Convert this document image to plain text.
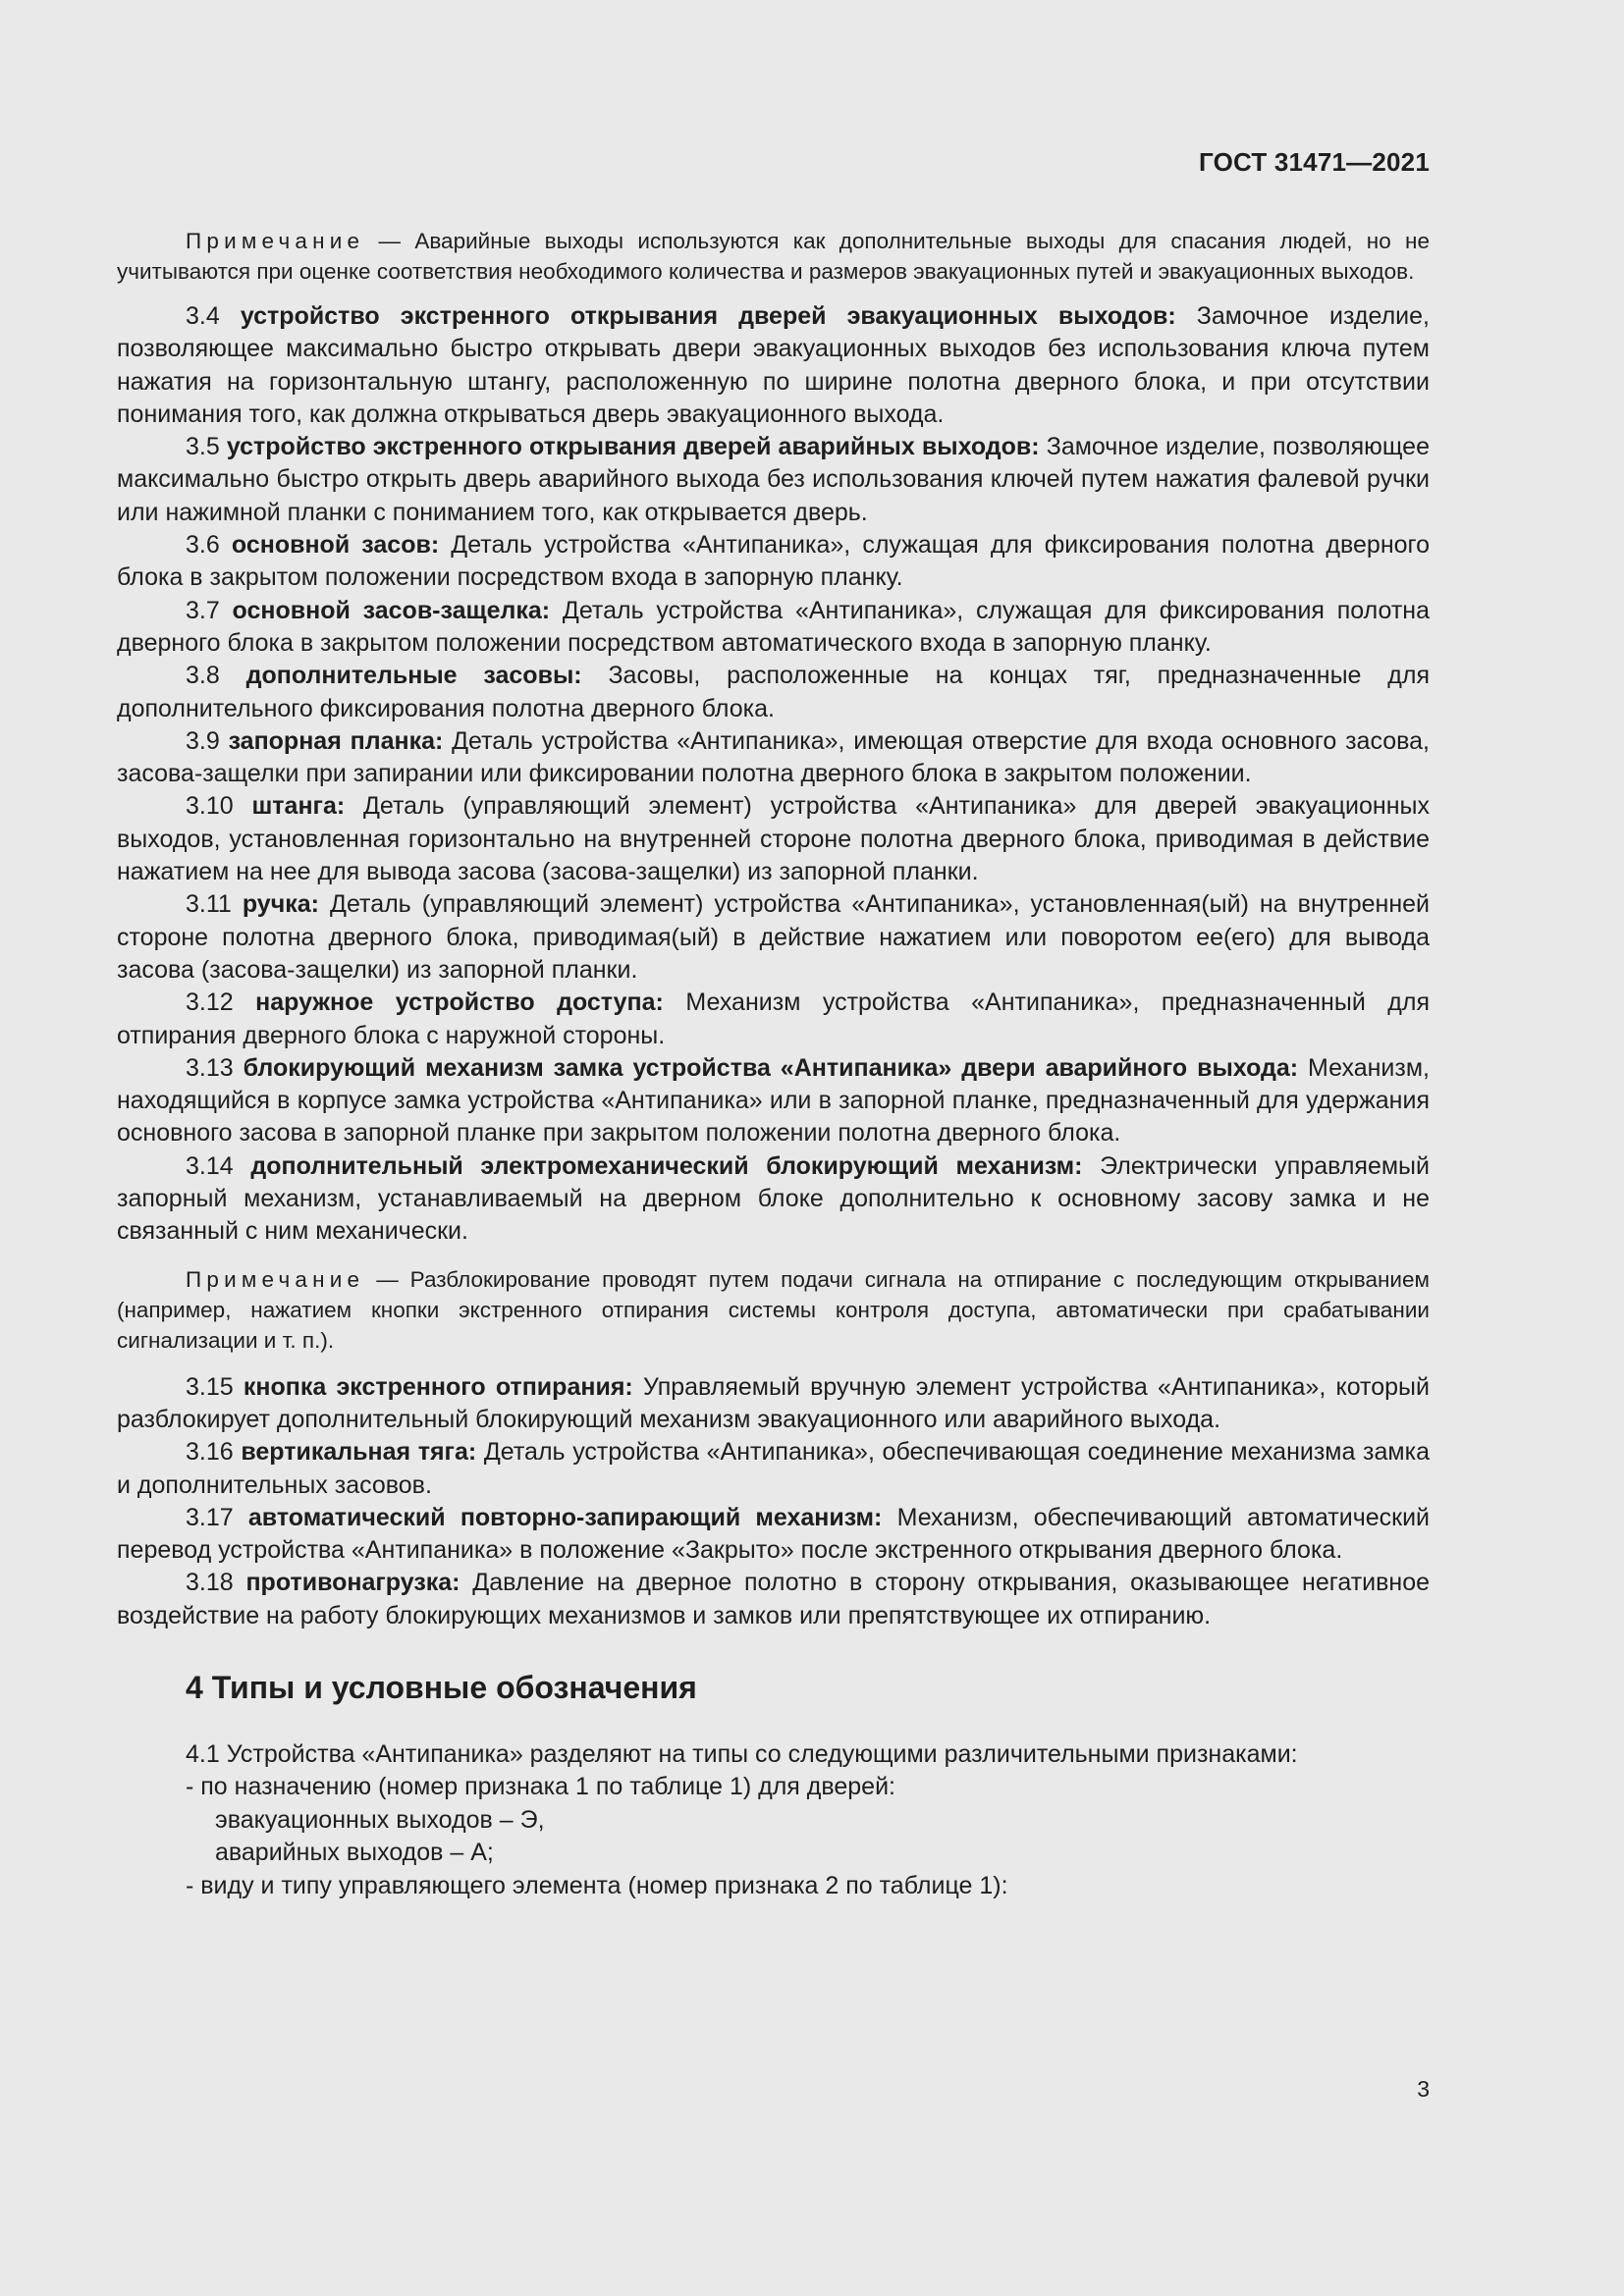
ГОСТ 31471—2021

Примечание — Аварийные выходы используются как дополнительные выходы для спасания людей, но не учитываются при оценке соответствия необходимого количества и размеров эвакуационных путей и эвакуационных выходов.

3.4 устройство экстренного открывания дверей эвакуационных выходов: Замочное изделие, позволяющее максимально быстро открывать двери эвакуационных выходов без использования ключа путем нажатия на горизонтальную штангу, расположенную по ширине полотна дверного блока, и при отсутствии понимания того, как должна открываться дверь эвакуационного выхода.

3.5 устройство экстренного открывания дверей аварийных выходов: Замочное изделие, позволяющее максимально быстро открыть дверь аварийного выхода без использования ключей путем нажатия фалевой ручки или нажимной планки с пониманием того, как открывается дверь.

3.6 основной засов: Деталь устройства «Антипаника», служащая для фиксирования полотна дверного блока в закрытом положении посредством входа в запорную планку.

3.7 основной засов-защелка: Деталь устройства «Антипаника», служащая для фиксирования полотна дверного блока в закрытом положении посредством автоматического входа в запорную планку.

3.8 дополнительные засовы: Засовы, расположенные на концах тяг, предназначенные для дополнительного фиксирования полотна дверного блока.

3.9 запорная планка: Деталь устройства «Антипаника», имеющая отверстие для входа основного засова, засова-защелки при запирании или фиксировании полотна дверного блока в закрытом положении.

3.10 штанга: Деталь (управляющий элемент) устройства «Антипаника» для дверей эвакуационных выходов, установленная горизонтально на внутренней стороне полотна дверного блока, приводимая в действие нажатием на нее для вывода засова (засова-защелки) из запорной планки.

3.11 ручка: Деталь (управляющий элемент) устройства «Антипаника», установленная(ый) на внутренней стороне полотна дверного блока, приводимая(ый) в действие нажатием или поворотом ее(его) для вывода засова (засова-защелки) из запорной планки.

3.12 наружное устройство доступа: Механизм устройства «Антипаника», предназначенный для отпирания дверного блока с наружной стороны.

3.13 блокирующий механизм замка устройства «Антипаника» двери аварийного выхода: Механизм, находящийся в корпусе замка устройства «Антипаника» или в запорной планке, предназначенный для удержания основного засова в запорной планке при закрытом положении полотна дверного блока.

3.14 дополнительный электромеханический блокирующий механизм: Электрически управляемый запорный механизм, устанавливаемый на дверном блоке дополнительно к основному засову замка и не связанный с ним механически.

Примечание — Разблокирование проводят путем подачи сигнала на отпирание с последующим открыванием (например, нажатием кнопки экстренного отпирания системы контроля доступа, автоматически при срабатывании сигнализации и т. п.).

3.15 кнопка экстренного отпирания: Управляемый вручную элемент устройства «Антипаника», который разблокирует дополнительный блокирующий механизм эвакуационного или аварийного выхода.

3.16 вертикальная тяга: Деталь устройства «Антипаника», обеспечивающая соединение механизма замка и дополнительных засовов.

3.17 автоматический повторно-запирающий механизм: Механизм, обеспечивающий автоматический перевод устройства «Антипаника» в положение «Закрыто» после экстренного открывания дверного блока.

3.18 противонагрузка: Давление на дверное полотно в сторону открывания, оказывающее негативное воздействие на работу блокирующих механизмов и замков или препятствующее их отпиранию.

4 Типы и условные обозначения

4.1 Устройства «Антипаника» разделяют на типы со следующими различительными признаками:

- по назначению (номер признака 1 по таблице 1) для дверей:

эвакуационных выходов – Э,

аварийных выходов – А;

- виду и типу управляющего элемента (номер признака 2 по таблице 1):

3
